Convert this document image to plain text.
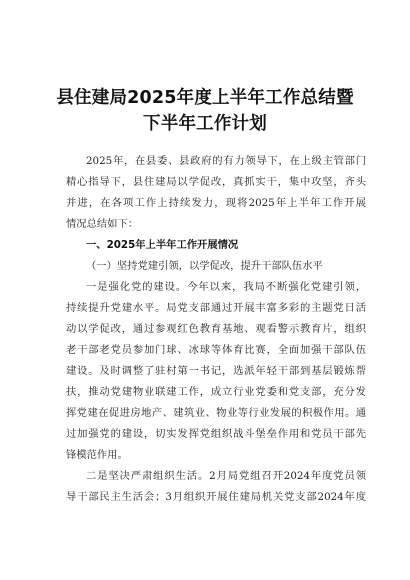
县住建局2025年度上半年工作总结暨
下半年工作计划

2025年，在县委、县政府的有力领导下，在上级主管部门

精心指导下，县住建局以学促改，真抓实干，集中攻坚，齐头

并进，在各项工作上持续发力，现将2025年上半年工作开展

情况总结如下：

一、2025年上半年工作开展情况

（一）坚持党建引领，以学促改，提升干部队伍水平

一是强化党的建设。今年以来，我局不断强化党建引领，

持续提升党建水平。局党支部通过开展丰富多彩的主题党日活

动以学促改，通过参观红色教育基地、观看警示教育片，组织

老干部老党员参加门球、冰球等体育比赛，全面加强干部队伍

建设。及时调整了驻村第一书记，选派年轻干部到基层锻炼帮

扶，推动党建物业联建工作，成立行业党委和党支部，充分发

挥党建在促进房地产、建筑业、物业等行业发展的积极作用。通

过加强党的建设，切实发挥党组织战斗堡垒作用和党员干部先

锋模范作用。

二是坚决严肃组织生活。2月局党组召开2024年度党员领

导干部民主生活会；3月组织开展住建局机关党支部2024年度
